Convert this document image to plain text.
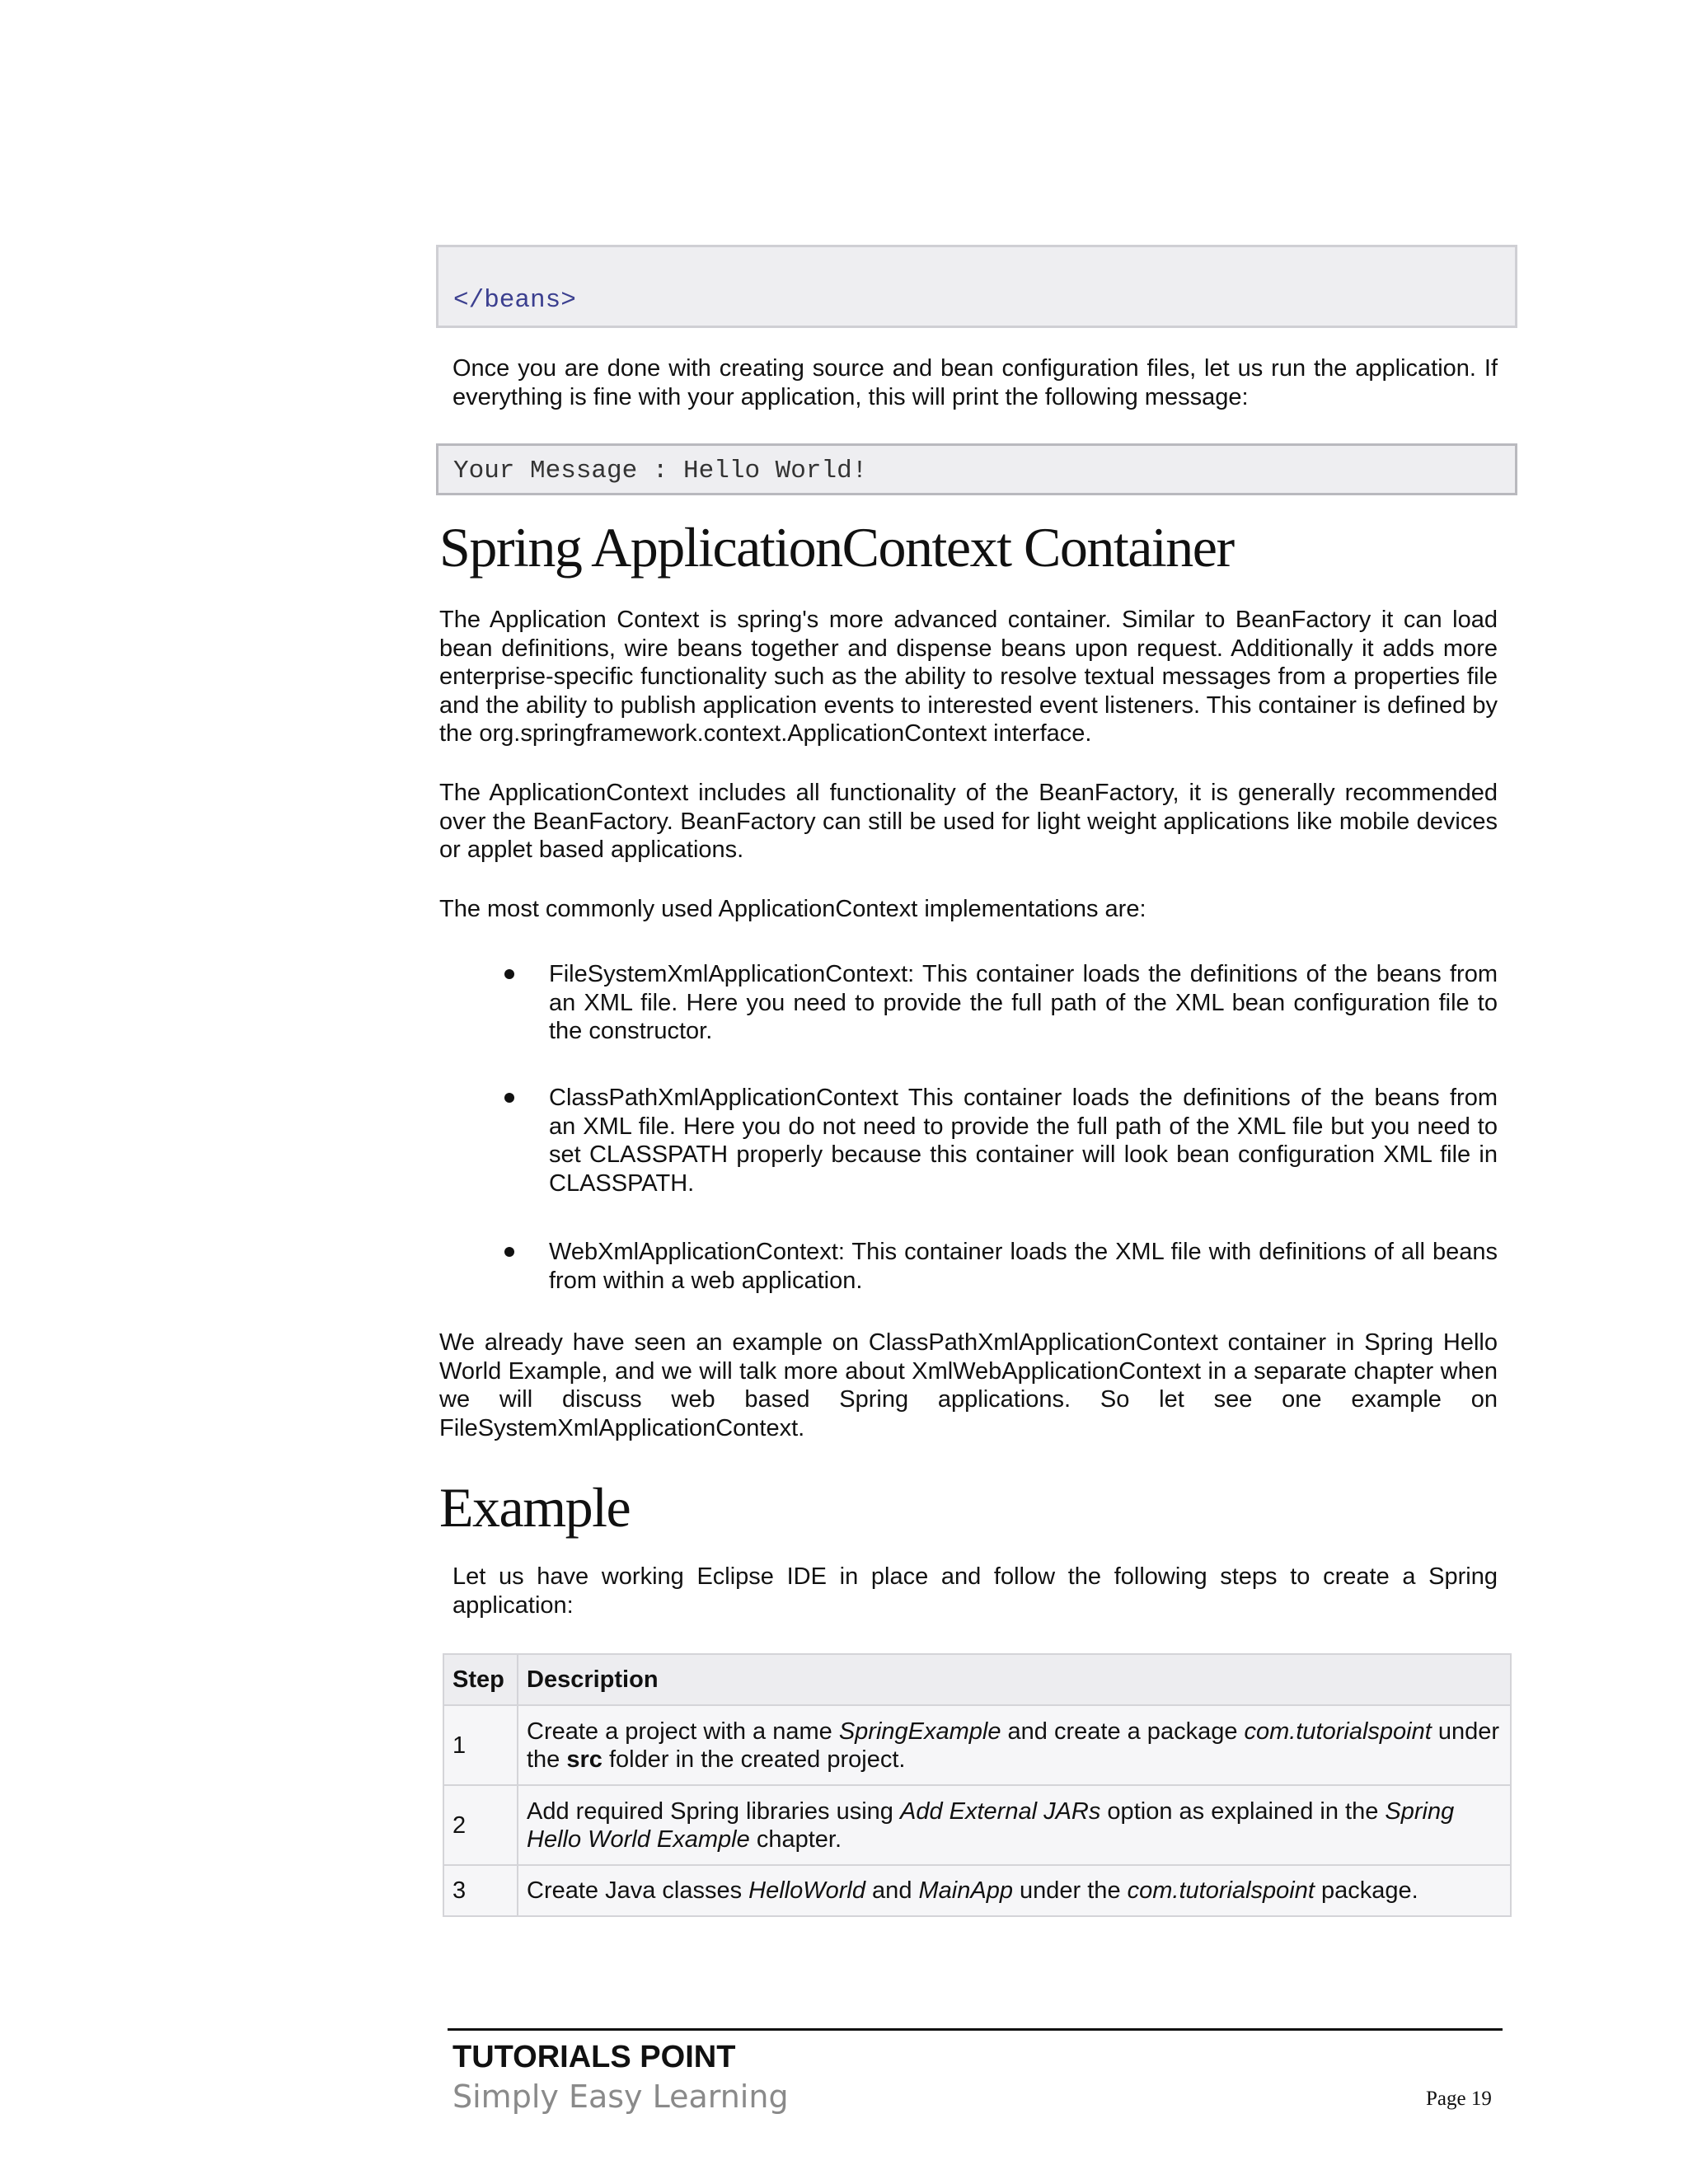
</beans>

Once you are done with creating source and bean configuration files, let us run the application. If everything is fine with your application, this will print the following message:

Your Message : Hello World!
Spring ApplicationContext Container

The Application Context is spring's more advanced container. Similar to BeanFactory it can load bean definitions, wire beans together and dispense beans upon request. Additionally it adds more enterprise-specific functionality such as the ability to resolve textual messages from a properties file and the ability to publish application events to interested event listeners. This container is defined by the org.springframework.context.ApplicationContext interface.

The ApplicationContext includes all functionality of the BeanFactory, it is generally recommended over the BeanFactory. BeanFactory can still be used for light weight applications like mobile devices or applet based applications.

The most commonly used ApplicationContext implementations are:

FileSystemXmlApplicationContext: This container loads the definitions of the beans from an XML file. Here you need to provide the full path of the XML bean configuration file to the constructor.

ClassPathXmlApplicationContext This container loads the definitions of the beans from an XML file. Here you do not need to provide the full path of the XML file but you need to set CLASSPATH properly because this container will look bean configuration XML file in CLASSPATH.

WebXmlApplicationContext: This container loads the XML file with definitions of all beans from within a web application.

We already have seen an example on ClassPathXmlApplicationContext container in Spring Hello World Example, and we will talk more about XmlWebApplicationContext in a separate chapter when we will discuss web based Spring applications. So let see one example on FileSystemXmlApplicationContext.

Example

Let us have working Eclipse IDE in place and follow the following steps to create a Spring application:

Step	Description
1	Create a project with a name SpringExample and create a package com.tutorialspoint under the src folder in the created project.
2	Add required Spring libraries using Add External JARs option as explained in the Spring Hello World Example chapter.
3	Create Java classes HelloWorld and MainApp under the com.tutorialspoint package.
TUTORIALS POINT
Simply Easy Learning	Page 19
